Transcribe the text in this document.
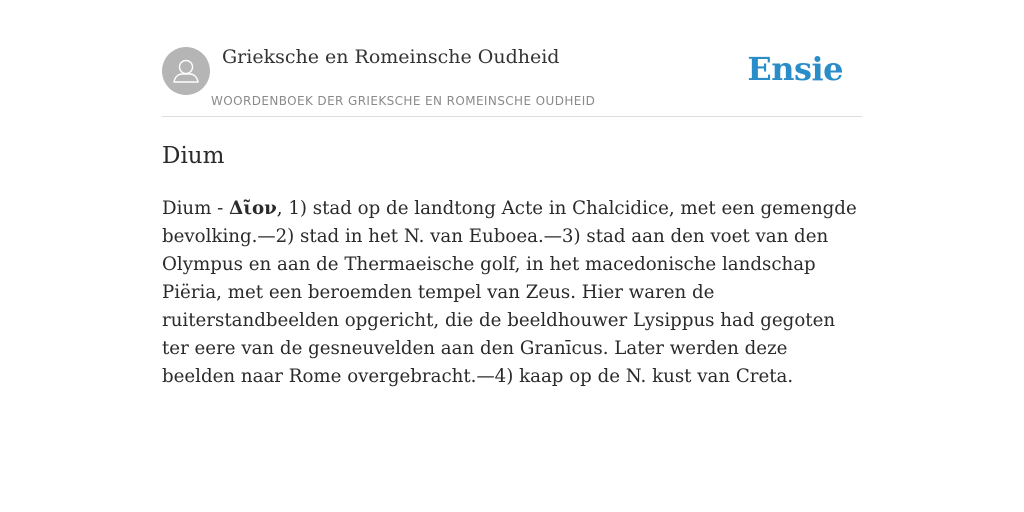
Grieksche en Romeinsche Oudheid
WOORDENBOEK DER GRIEKSCHE EN ROMEINSCHE OUDHEID
Ensie
Dium

Dium - Δῖον, 1) stad op de landtong Acte in Chalcidice, met een gemengde bevolking.—2) stad in het N. van Euboea.—3) stad aan den voet van den Olympus en aan de Thermaeische golf, in het macedonische landschap Piëria, met een beroemden tempel van Zeus. Hier waren de ruiterstandbeelden opgericht, die de beeldhouwer Lysippus had gegoten ter eere van de gesneuvelden aan den Granīcus. Later werden deze beelden naar Rome overgebracht.—4) kaap op de N. kust van Creta.
